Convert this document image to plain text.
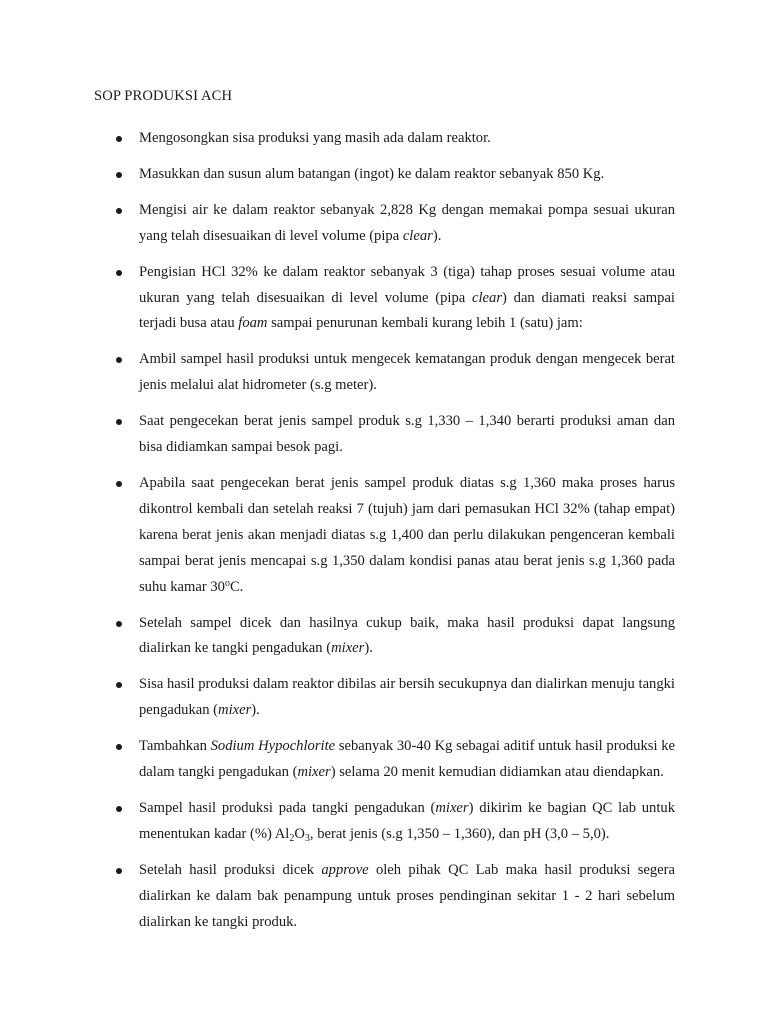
SOP PRODUKSI ACH
Mengosongkan sisa produksi yang masih ada dalam reaktor.
Masukkan dan susun alum batangan (ingot) ke dalam reaktor sebanyak 850 Kg.
Mengisi air ke dalam reaktor sebanyak 2,828 Kg dengan memakai pompa sesuai ukuran yang telah disesuaikan di level volume (pipa clear).
Pengisian HCl 32% ke dalam reaktor sebanyak 3 (tiga) tahap proses sesuai volume atau ukuran yang telah disesuaikan di level volume (pipa clear) dan diamati reaksi sampai terjadi busa atau foam sampai penurunan kembali kurang lebih 1 (satu) jam:
Ambil sampel hasil produksi untuk mengecek kematangan produk dengan mengecek berat jenis melalui alat hidrometer (s.g meter).
Saat pengecekan berat jenis sampel produk s.g 1,330 – 1,340 berarti produksi aman dan bisa didiamkan sampai besok pagi.
Apabila saat pengecekan berat jenis sampel produk diatas s.g 1,360 maka proses harus dikontrol kembali dan setelah reaksi 7 (tujuh) jam dari pemasukan HCl 32% (tahap empat) karena berat jenis akan menjadi diatas s.g 1,400 dan perlu dilakukan pengenceran kembali sampai berat jenis mencapai s.g 1,350 dalam kondisi panas atau berat jenis s.g 1,360 pada suhu kamar 30$^o$C.
Setelah sampel dicek dan hasilnya cukup baik, maka hasil produksi dapat langsung dialirkan ke tangki pengadukan (mixer).
Sisa hasil produksi dalam reaktor dibilas air bersih secukupnya dan dialirkan menuju tangki pengadukan (mixer).
Tambahkan Sodium Hypochlorite sebanyak 30-40 Kg sebagai aditif untuk hasil produksi ke dalam tangki pengadukan (mixer) selama 20 menit kemudian didiamkan atau diendapkan.
Sampel hasil produksi pada tangki pengadukan (mixer) dikirim ke bagian QC lab untuk menentukan kadar (%) $Al_2O_3$, berat jenis (s.g 1,350 – 1,360), dan pH (3,0 – 5,0).
Setelah hasil produksi dicek approve oleh pihak QC Lab maka hasil produksi segera dialirkan ke dalam bak penampung untuk proses pendinginan sekitar 1 - 2 hari sebelum dialirkan ke tangki produk.
